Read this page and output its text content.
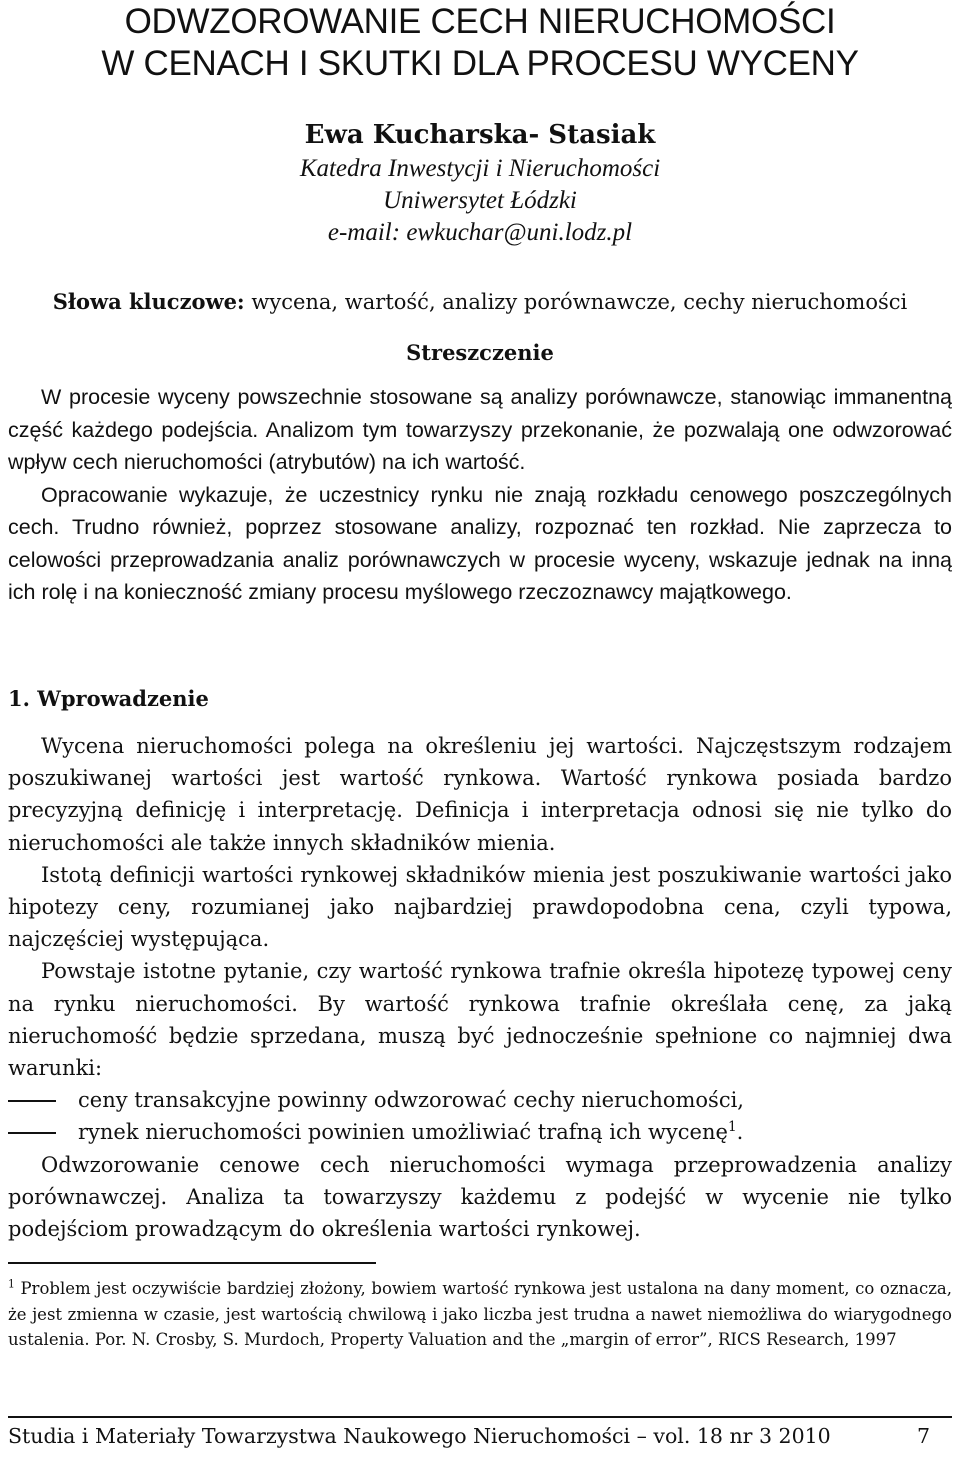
ODWZOROWANIE CECH NIERUCHOMOŚCI
W CENACH I SKUTKI DLA PROCESU WYCENY
Ewa Kucharska- Stasiak
Katedra Inwestycji i Nieruchomości
Uniwersytet Łódzki
e-mail: ewkuchar@uni.lodz.pl
Słowa kluczowe: wycena, wartość, analizy porównawcze, cechy nieruchomości
Streszczenie

W procesie wyceny powszechnie stosowane są analizy porównawcze, stanowiąc immanentną część każdego podejścia. Analizom tym towarzyszy przekonanie, że pozwalają one odwzorować wpływ cech nieruchomości (atrybutów) na ich wartość.

Opracowanie wykazuje, że uczestnicy rynku nie znają rozkładu cenowego poszczególnych cech. Trudno również, poprzez stosowane analizy, rozpoznać ten rozkład. Nie zaprzecza to celowości przeprowadzania analiz porównawczych w procesie wyceny, wskazuje jednak na inną ich rolę i na konieczność zmiany procesu myślowego rzeczoznawcy majątkowego.

1. Wprowadzenie

Wycena nieruchomości polega na określeniu jej wartości. Najczęstszym rodzajem poszukiwanej wartości jest wartość rynkowa. Wartość rynkowa posiada bardzo precyzyjną definicję i interpretację. Definicja i interpretacja odnosi się nie tylko do nieruchomości ale także innych składników mienia.

Istotą definicji wartości rynkowej składników mienia jest poszukiwanie wartości jako hipotezy ceny, rozumianej jako najbardziej prawdopodobna cena, czyli typowa, najczęściej występująca.

Powstaje istotne pytanie, czy wartość rynkowa trafnie określa hipotezę typowej ceny na rynku nieruchomości. By wartość rynkowa trafnie określała cenę, za jaką nieruchomość będzie sprzedana, muszą być jednocześnie spełnione co najmniej dwa warunki:

ceny transakcyjne powinny odwzorować cechy nieruchomości,
rynek nieruchomości powinien umożliwiać trafną ich wycenę$^1$.

Odwzorowanie cenowe cech nieruchomości wymaga przeprowadzenia analizy porównawczej. Analiza ta towarzyszy każdemu z podejść w wycenie nie tylko podejściom prowadzącym do określenia wartości rynkowej.

$^1$ Problem jest oczywiście bardziej złożony, bowiem wartość rynkowa jest ustalona na dany moment, co oznacza, że jest zmienna w czasie, jest wartością chwilową i jako liczba jest trudna a nawet niemożliwa do wiarygodnego ustalenia. Por. N. Crosby, S. Murdoch, Property Valuation and the „margin of error”, RICS Research, 1997
Studia i Materiały Towarzystwa Naukowego Nieruchomości – vol. 18 nr 3 2010	7
